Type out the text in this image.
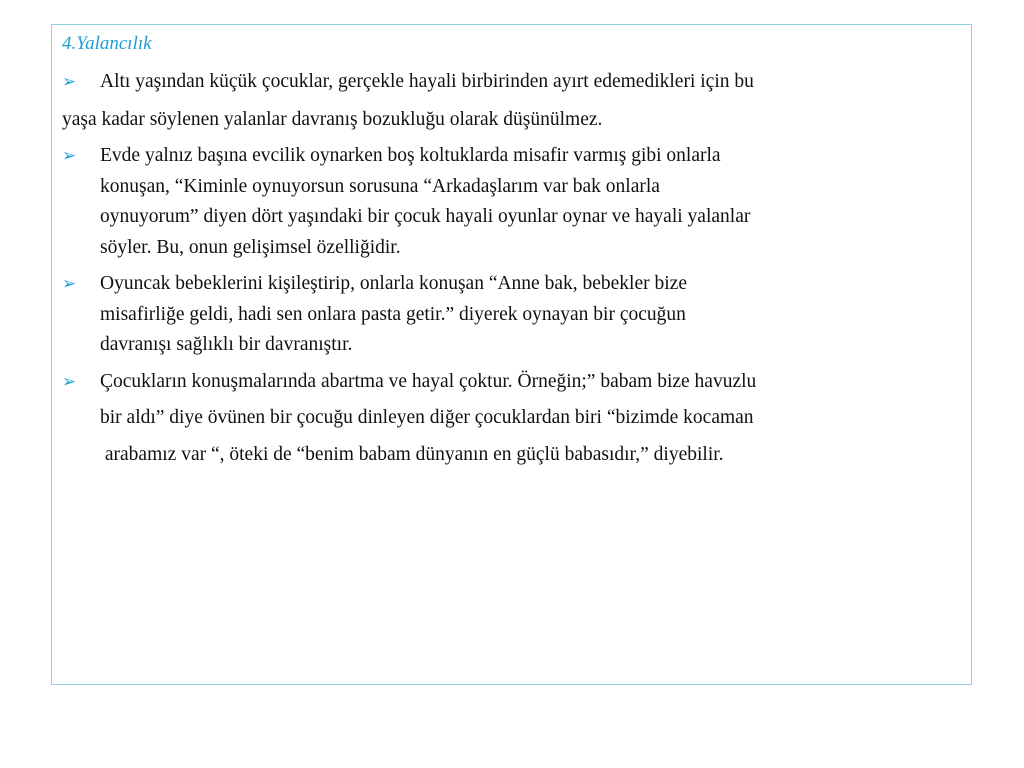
4.Yalancılık
➢ Altı yaşından küçük çocuklar, gerçekle hayali birbirinden ayırt edemedikleri için bu
yaşa kadar söylenen yalanlar davranış bozukluğu olarak düşünülmez.
➢ Evde yalnız başına evcilik oynarken boş koltuklarda misafir varmış gibi onlarla
konuşan, “Kiminle oynuyorsun sorusuna “Arkadaşlarım var bak onlarla
oynuyorum” diyen dört yaşındaki bir çocuk hayali oyunlar oynar ve hayali yalanlar
söyler. Bu, onun gelişimsel özelliğidir.
➢ Oyuncak bebeklerini kişileştirip, onlarla konuşan “Anne bak, bebekler bize
misafirliğe geldi, hadi sen onlara pasta getir.” diyerek oynayan bir çocuğun
davranışı sağlıklı bir davranıştır.
➢ Çocukların konuşmalarında abartma ve hayal çoktur. Örneğin;” babam bize havuzlu
bir aldı” diye övünen bir çocuğu dinleyen diğer çocuklardan biri “bizimde kocaman
arabamız var “, öteki de “benim babam dünyanın en güçlü babasıdır,” diyebilir.
